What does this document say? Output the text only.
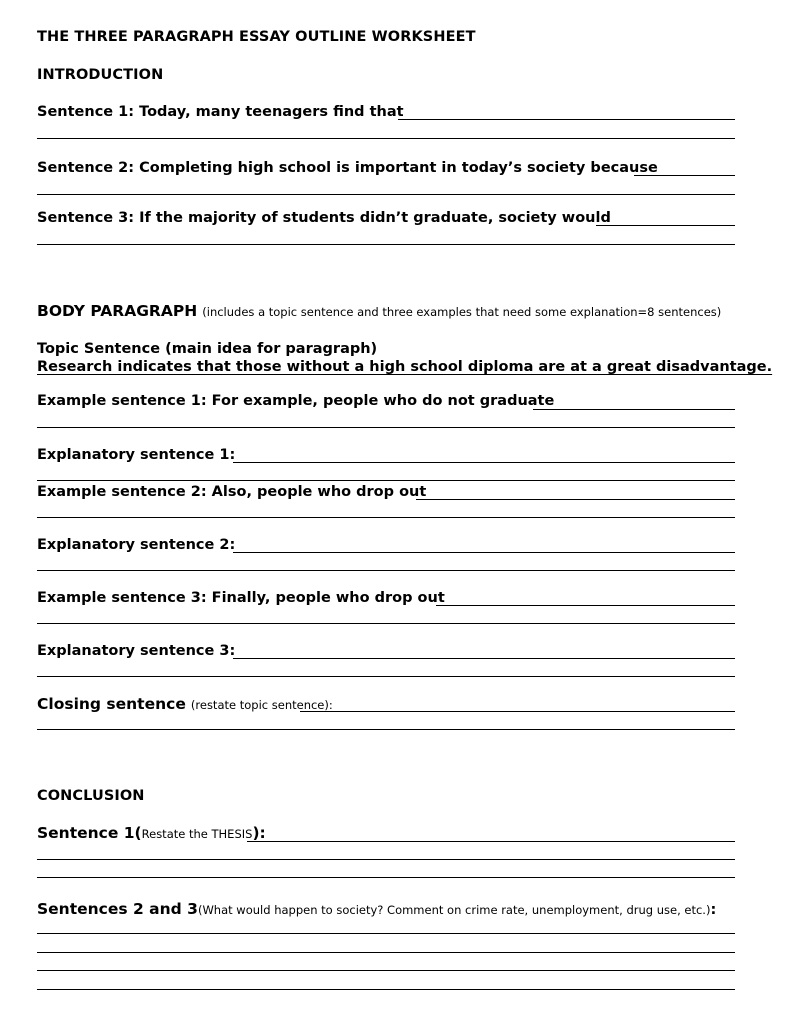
THE THREE PARAGRAPH ESSAY OUTLINE WORKSHEET
INTRODUCTION
Sentence 1: Today, many teenagers find that
Sentence 2: Completing high school is important in today’s society because
Sentence 3: If the majority of students didn’t graduate, society would
BODY PARAGRAPH (includes a topic sentence and three examples that need some explanation=8 sentences)
Topic Sentence (main idea for paragraph)
Research indicates that those without a high school diploma are at a great disadvantage.
Example sentence 1: For example, people who do not graduate
Explanatory sentence 1:
Example sentence 2: Also, people who drop out
Explanatory sentence 2:
Example sentence 3: Finally, people who drop out
Explanatory sentence 3:
Closing sentence (restate topic sentence):
CONCLUSION
Sentence 1(Restate the THESIS):
Sentences 2 and 3(What would happen to society? Comment on crime rate, unemployment, drug use, etc.):
